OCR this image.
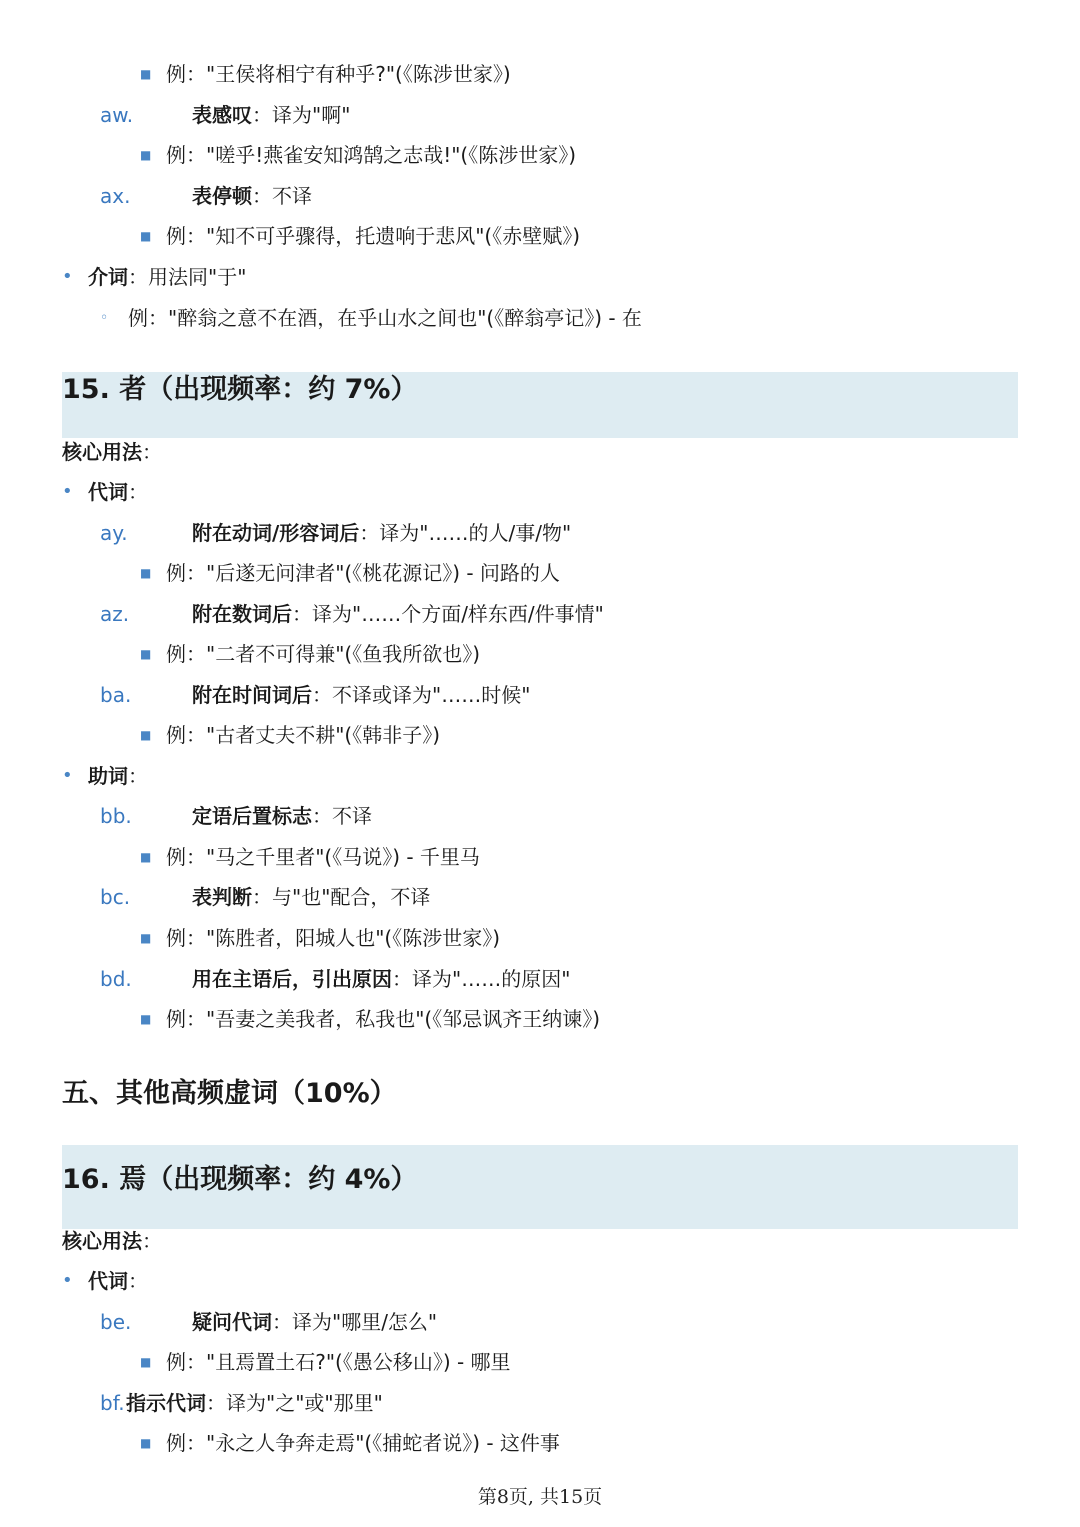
■ 例："王侯将相宁有种乎?"(《陈涉世家》)
aw.	表感叹：译为"啊"
■ 例："嗟乎!燕雀安知鸿鹄之志哉!"(《陈涉世家》)
ax.	表停顿：不译
■ 例："知不可乎骤得，托遗响于悲风"(《赤壁赋》)
• 介词：用法同"于"
◦ 例："醉翁之意不在酒，在乎山水之间也"(《醉翁亭记》) - 在
15. 者（出现频率：约 7%）
核心用法：
• 代词：
ay.	附在动词/形容词后：译为"……的人/事/物"
■ 例："后遂无问津者"(《桃花源记》) - 问路的人
az.	附在数词后：译为"……个方面/样东西/件事情"
■ 例："二者不可得兼"(《鱼我所欲也》)
ba.	附在时间词后：不译或译为"……时候"
■ 例："古者丈夫不耕"(《韩非子》)
• 助词：
bb.	定语后置标志：不译
■ 例："马之千里者"(《马说》) - 千里马
bc.	表判断：与"也"配合，不译
■ 例："陈胜者，阳城人也"(《陈涉世家》)
bd.	用在主语后，引出原因：译为"……的原因"
■ 例："吾妻之美我者，私我也"(《邹忌讽齐王纳谏》)
五、其他高频虚词（10%）
16. 焉（出现频率：约 4%）
核心用法：
• 代词：
be.	疑问代词：译为"哪里/怎么"
■ 例："且焉置土石?"(《愚公移山》) - 哪里
bf. 指示代词：译为"之"或"那里"
■ 例："永之人争奔走焉"(《捕蛇者说》) - 这件事
第8页, 共15页
